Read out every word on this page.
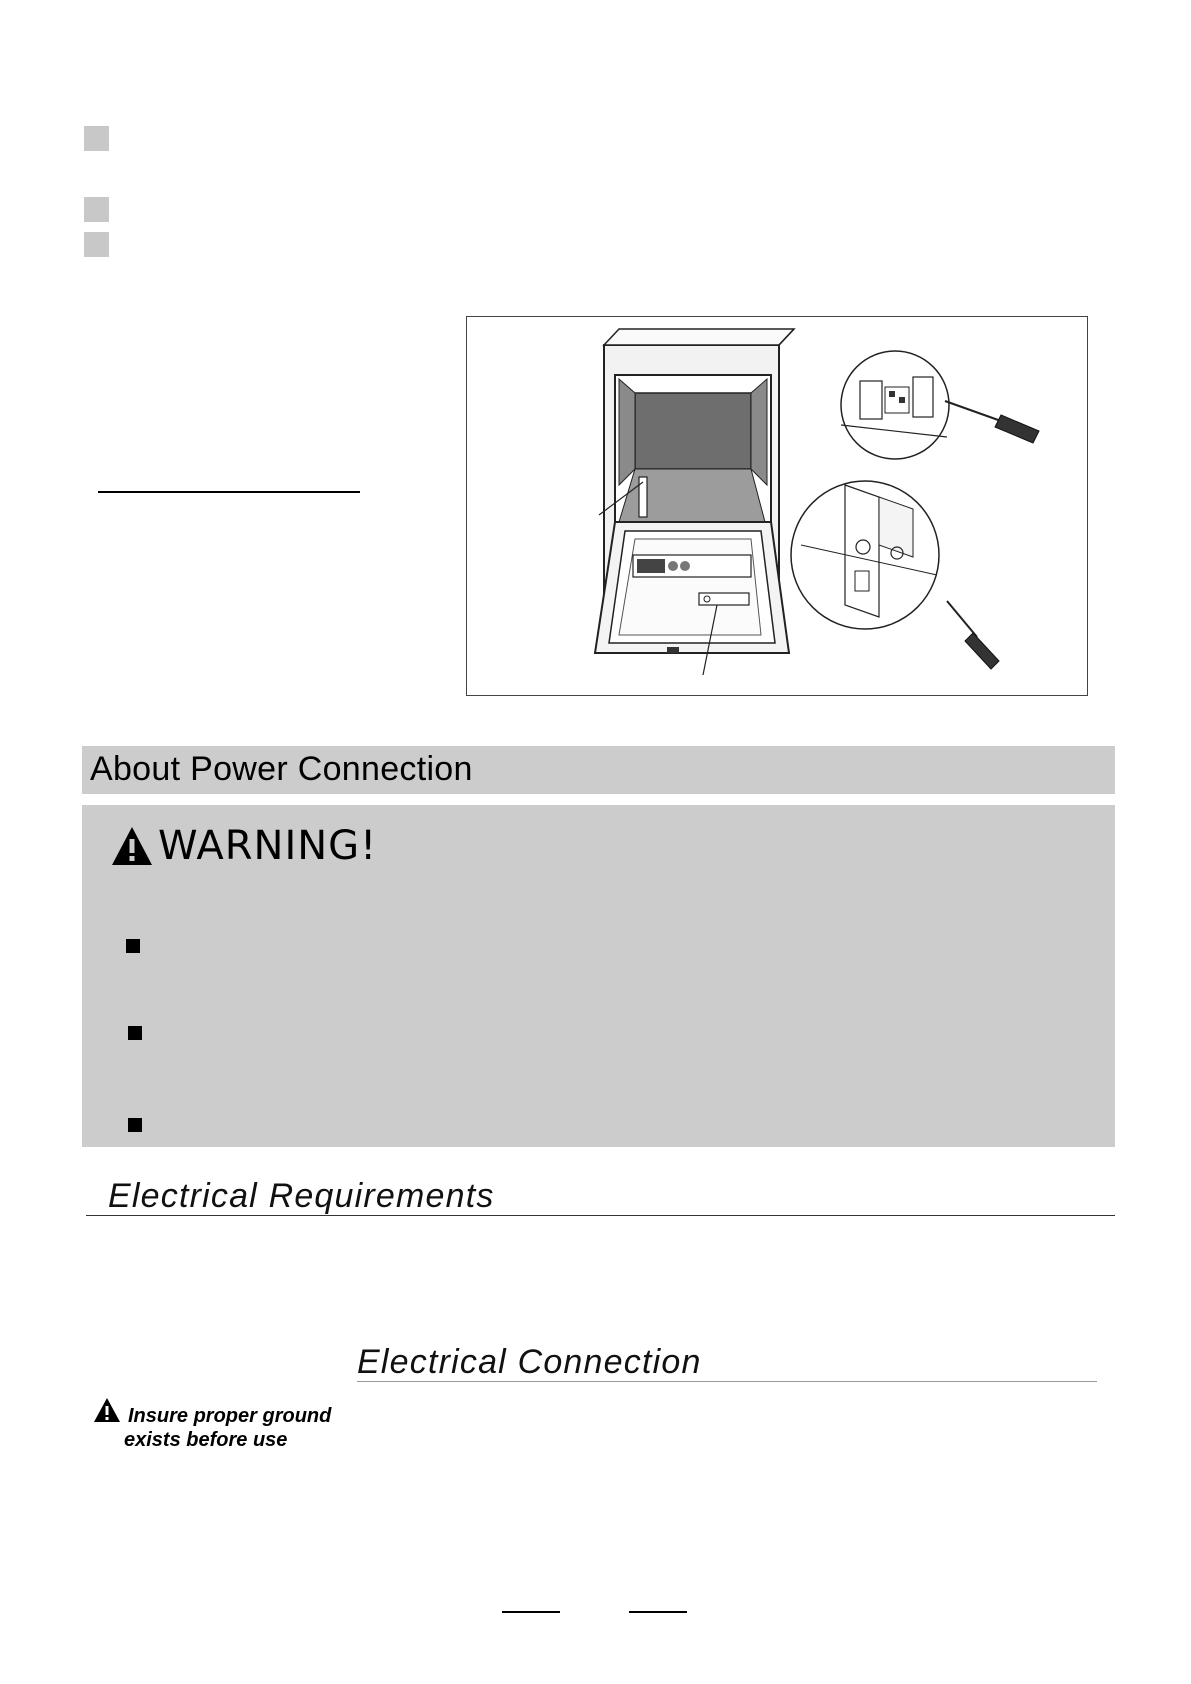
About Power Connection
WARNING!
Electrical Requirements
Electrical Connection
Insure proper ground
exists before use
